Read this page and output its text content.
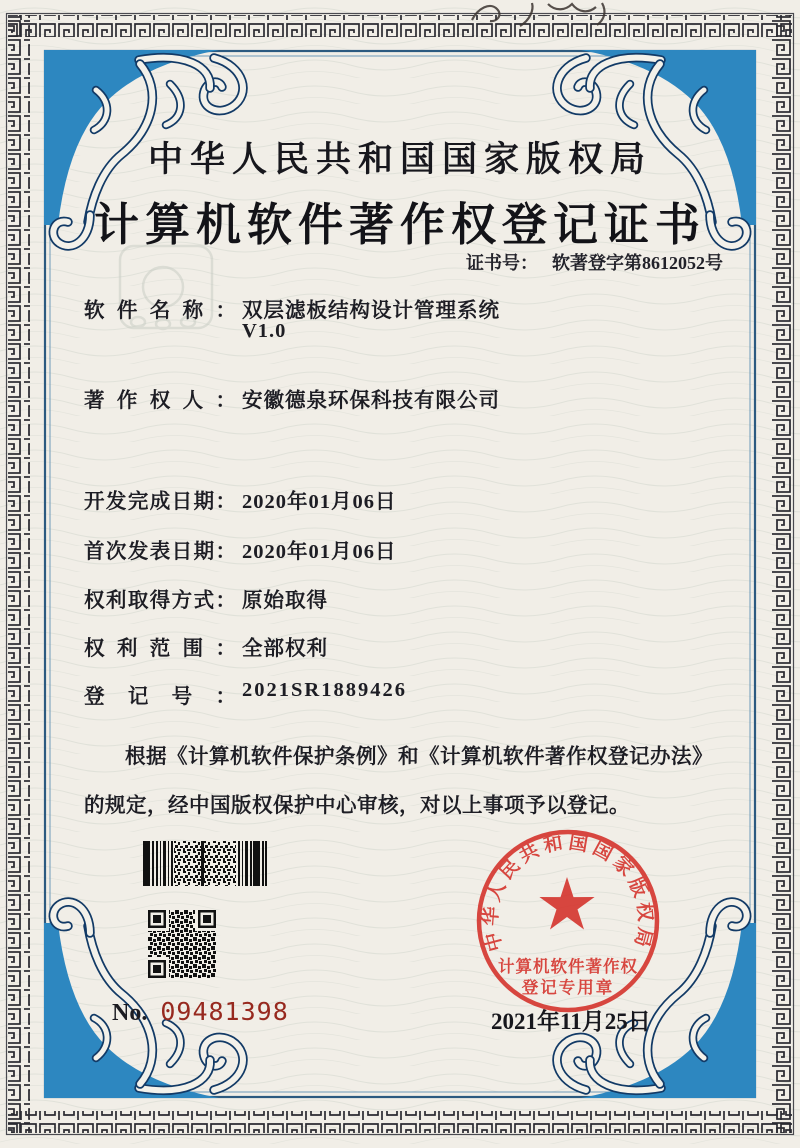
中华人民共和国国家版权局
计算机软件著作权登记证书
证书号： 软著登字第8612052号
软件名称： 双层滤板结构设计管理系统
V1.0
著作权人： 安徽德泉环保科技有限公司
开发完成日期： 2020年01月06日
首次发表日期： 2020年01月06日
权利取得方式： 原始取得
权利范围： 全部权利
登记号： 2021SR1889426
根据《计算机软件保护条例》和《计算机软件著作权登记办法》的规定，经中国版权保护中心审核，对以上事项予以登记。
No. 09481398
中华人民共和国国家版权局
计算机软件著作权
登记专用章
2021年11月25日
